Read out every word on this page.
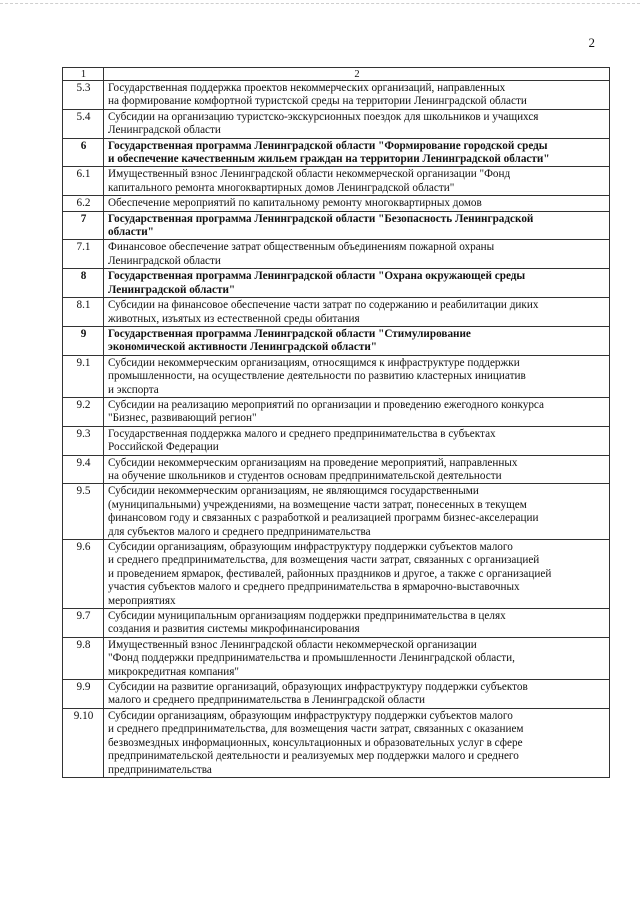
2
1	2
5.3	Государственная поддержка проектов некоммерческих организаций, направленных
на формирование комфортной туристской среды на территории Ленинградской области
5.4	Субсидии на организацию туристско-экскурсионных поездок для школьников и учащихся
Ленинградской области
6	Государственная программа Ленинградской области "Формирование городской среды
и обеспечение качественным жильем граждан на территории Ленинградской области"
6.1	Имущественный взнос Ленинградской области некоммерческой организации "Фонд
капитального ремонта многоквартирных домов Ленинградской области"
6.2	Обеспечение мероприятий по капитальному ремонту многоквартирных домов
7	Государственная программа Ленинградской области "Безопасность Ленинградской
области"
7.1	Финансовое обеспечение затрат общественным объединениям пожарной охраны
Ленинградской области
8	Государственная программа Ленинградской области "Охрана окружающей среды
Ленинградской области"
8.1	Субсидии на финансовое обеспечение части затрат по содержанию и реабилитации диких
животных, изъятых из естественной среды обитания
9	Государственная программа Ленинградской области "Стимулирование
экономической активности Ленинградской области"
9.1	Субсидии некоммерческим организациям, относящимся к инфраструктуре поддержки
промышленности, на осуществление деятельности по развитию кластерных инициатив
и экспорта
9.2	Субсидии на реализацию мероприятий по организации и проведению ежегодного конкурса
"Бизнес, развивающий регион"
9.3	Государственная поддержка малого и среднего предпринимательства в субъектах
Российской Федерации
9.4	Субсидии некоммерческим организациям на проведение мероприятий, направленных
на обучение школьников и студентов основам предпринимательской деятельности
9.5	Субсидии некоммерческим организациям, не являющимся государственными
(муниципальными) учреждениями, на возмещение части затрат, понесенных в текущем
финансовом году и связанных с разработкой и реализацией программ бизнес-акселерации
для субъектов малого и среднего предпринимательства
9.6	Субсидии организациям, образующим инфраструктуру поддержки субъектов малого
и среднего предпринимательства, для возмещения части затрат, связанных с организацией
и проведением ярмарок, фестивалей, районных праздников и другое, а также с организацией
участия субъектов малого и среднего предпринимательства в ярмарочно-выставочных
мероприятиях
9.7	Субсидии муниципальным организациям поддержки предпринимательства в целях
создания и развития системы микрофинансирования
9.8	Имущественный взнос Ленинградской области некоммерческой организации
"Фонд поддержки предпринимательства и промышленности Ленинградской области,
микрокредитная компания"
9.9	Субсидии на развитие организаций, образующих инфраструктуру поддержки субъектов
малого и среднего предпринимательства в Ленинградской области
9.10	Субсидии организациям, образующим инфраструктуру поддержки субъектов малого
и среднего предпринимательства, для возмещения части затрат, связанных с оказанием
безвозмездных информационных, консультационных и образовательных услуг в сфере
предпринимательской деятельности и реализуемых мер поддержки малого и среднего
предпринимательства
